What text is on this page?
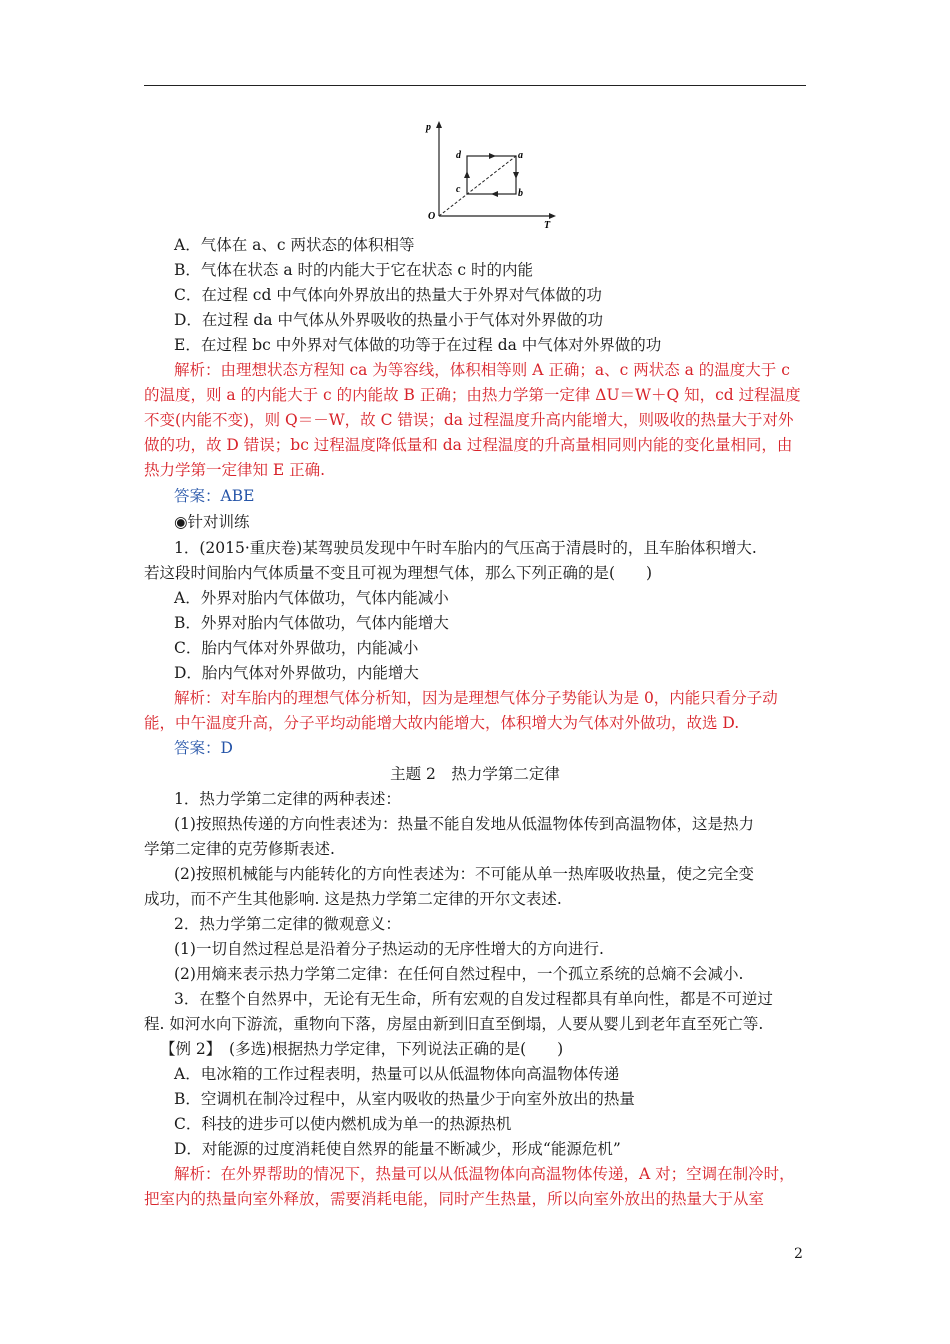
p
T
O
a
b
c
d
A．气体在 a、c 两状态的体积相等
B．气体在状态 a 时的内能大于它在状态 c 时的内能
C．在过程 cd 中气体向外界放出的热量大于外界对气体做的功
D．在过程 da 中气体从外界吸收的热量小于气体对外界做的功
E．在过程 bc 中外界对气体做的功等于在过程 da 中气体对外界做的功
解析：由理想状态方程知 ca 为等容线，体积相等则 A 正确；a、c 两状态 a 的温度大于 c
的温度，则 a 的内能大于 c 的内能故 B 正确；由热力学第一定律 ΔU＝W＋Q 知，cd 过程温度
不变(内能不变)，则 Q＝－W，故 C 错误；da 过程温度升高内能增大，则吸收的热量大于对外
做的功，故 D 错误；bc 过程温度降低量和 da 过程温度的升高量相同则内能的变化量相同，由
热力学第一定律知 E 正确.
答案：ABE
◉针对训练
1．(2015·重庆卷)某驾驶员发现中午时车胎内的气压高于清晨时的，且车胎体积增大.
若这段时间胎内气体质量不变且可视为理想气体，那么下列正确的是(　　)
A．外界对胎内气体做功，气体内能减小
B．外界对胎内气体做功，气体内能增大
C．胎内气体对外界做功，内能减小
D．胎内气体对外界做功，内能增大
解析：对车胎内的理想气体分析知，因为是理想气体分子势能认为是 0，内能只看分子动
能，中午温度升高，分子平均动能增大故内能增大，体积增大为气体对外做功，故选 D.
答案：D
主题 2　热力学第二定律
1．热力学第二定律的两种表述：
(1)按照热传递的方向性表述为：热量不能自发地从低温物体传到高温物体，这是热力
学第二定律的克劳修斯表述.
(2)按照机械能与内能转化的方向性表述为：不可能从单一热库吸收热量，使之完全变
成功，而不产生其他影响. 这是热力学第二定律的开尔文表述.
2．热力学第二定律的微观意义：
(1)一切自然过程总是沿着分子热运动的无序性增大的方向进行.
(2)用熵来表示热力学第二定律：在任何自然过程中，一个孤立系统的总熵不会减小.
3．在整个自然界中，无论有无生命，所有宏观的自发过程都具有单向性，都是不可逆过
程. 如河水向下游流，重物向下落，房屋由新到旧直至倒塌，人要从婴儿到老年直至死亡等.
【例 2】　(多选)根据热力学定律，下列说法正确的是(　　)
A．电冰箱的工作过程表明，热量可以从低温物体向高温物体传递
B．空调机在制冷过程中，从室内吸收的热量少于向室外放出的热量
C．科技的进步可以使内燃机成为单一的热源热机
D．对能源的过度消耗使自然界的能量不断减少，形成“能源危机”
解析：在外界帮助的情况下，热量可以从低温物体向高温物体传递，A 对；空调在制冷时，
把室内的热量向室外释放，需要消耗电能，同时产生热量，所以向室外放出的热量大于从室
2
